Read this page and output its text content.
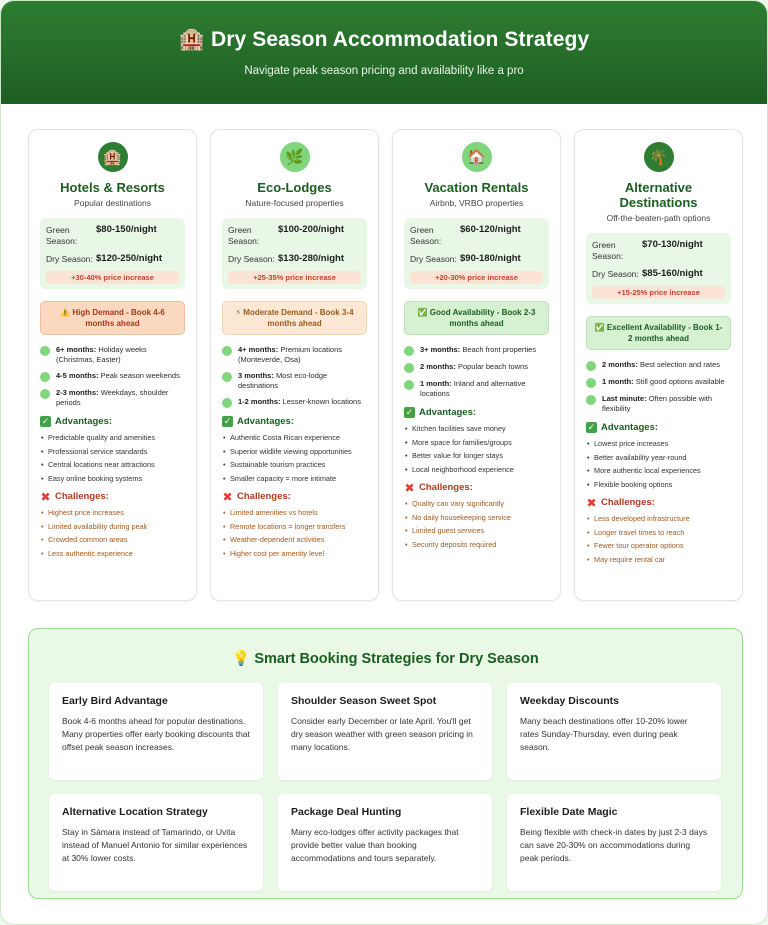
🏨 Dry Season Accommodation Strategy

Navigate peak season pricing and availability like a pro

🏨
Hotels & Resorts
Popular destinations
Green Season:
$80-150/night
Dry Season: $120-250/night
+30-40% price increase
⚠️ High Demand - Book 4-6 months ahead
6+ months: Holiday weeks (Christmas, Easter)
4-5 months: Peak season weekends
2-3 months: Weekdays, shoulder periods
✓ Advantages:
• Predictable quality and amenities
• Professional service standards
• Central locations near attractions
• Easy online booking systems
✖ Challenges:
• Highest price increases
• Limited availability during peak
• Crowded common areas
• Less authentic experience
🌿
Eco-Lodges
Nature-focused properties
Green Season:
$100-200/night
Dry Season: $130-280/night
+25-35% price increase
⚡ Moderate Demand - Book 3-4 months ahead
4+ months: Premium locations (Monteverde, Osa)
3 months: Most eco-lodge destinations
1-2 months: Lesser-known locations
✓ Advantages:
• Authentic Costa Rican experience
• Superior wildlife viewing opportunities
• Sustainable tourism practices
• Smaller capacity = more intimate
✖ Challenges:
• Limited amenities vs hotels
• Remote locations = longer transfers
• Weather-dependent activities
• Higher cost per amenity level
🏠
Vacation Rentals
Airbnb, VRBO properties
Green Season:
$60-120/night
Dry Season: $90-180/night
+20-30% price increase
✅ Good Availability - Book 2-3 months ahead
3+ months: Beach front properties
2 months: Popular beach towns
1 month: Inland and alternative locations
✓ Advantages:
• Kitchen facilities save money
• More space for families/groups
• Better value for longer stays
• Local neighborhood experience
✖ Challenges:
• Quality can vary significantly
• No daily housekeeping service
• Limited guest services
• Security deposits required
🌴
Alternative Destinations
Off-the-beaten-path options
Green Season:
$70-130/night
Dry Season: $85-160/night
+15-25% price increase
✅ Excellent Availability - Book 1-2 months ahead
2 months: Best selection and rates
1 month: Still good options available
Last minute: Often possible with flexibility
✓ Advantages:
• Lowest price increases
• Better availability year-round
• More authentic local experiences
• Flexible booking options
✖ Challenges:
• Less developed infrastructure
• Longer travel times to reach
• Fewer tour operator options
• May require rental car
💡 Smart Booking Strategies for Dry Season
Early Bird Advantage
Book 4-6 months ahead for popular destinations. Many properties offer early booking discounts that offset peak season increases.
Shoulder Season Sweet Spot
Consider early December or late April. You'll get dry season weather with green season pricing in many locations.
Weekday Discounts
Many beach destinations offer 10-20% lower rates Sunday-Thursday, even during peak season.
Alternative Location Strategy
Stay in Sámara instead of Tamarindo, or Uvita instead of Manuel Antonio for similar experiences at 30% lower costs.
Package Deal Hunting
Many eco-lodges offer activity packages that provide better value than booking accommodations and tours separately.
Flexible Date Magic
Being flexible with check-in dates by just 2-3 days can save 20-30% on accommodations during peak periods.
